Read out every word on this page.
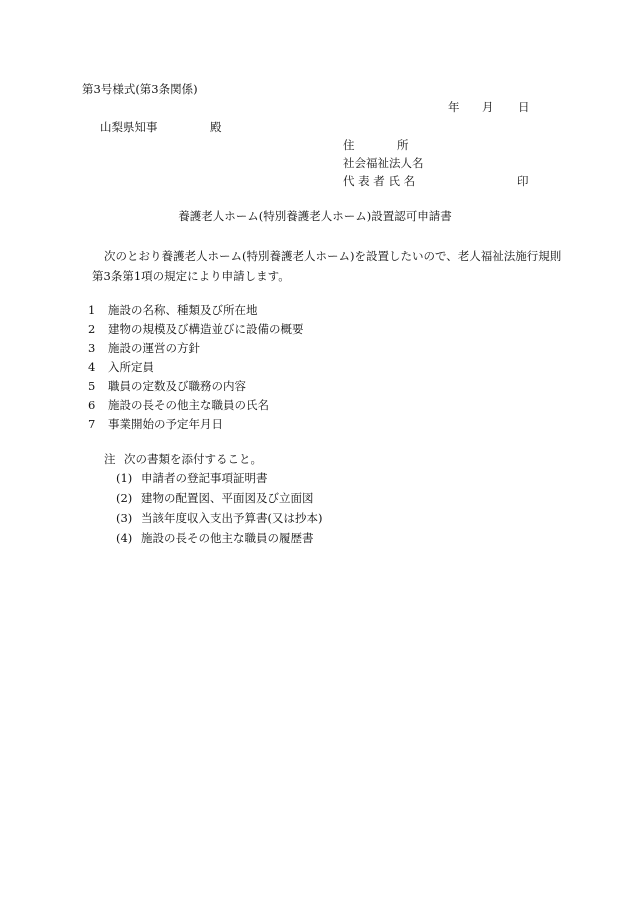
第3号様式(第3条関係)
年 月 日
山梨県知事	殿
住	所
社会福祉法人名
代 表 者 氏 名	印
養護老人ホーム(特別養護老人ホーム)設置認可申請書
次のとおり養護老人ホーム(特別養護老人ホーム)を設置したいので、老人福祉法施行規則第3条第1項の規定により申請します。
1 施設の名称、種類及び所在地
2 建物の規模及び構造並びに設備の概要
3 施設の運営の方針
4 入所定員
5 職員の定数及び職務の内容
6 施設の長その他主な職員の氏名
7 事業開始の予定年月日
注 次の書類を添付すること。
(1) 申請者の登記事項証明書
(2) 建物の配置図、平面図及び立面図
(3) 当該年度収入支出予算書(又は抄本)
(4) 施設の長その他主な職員の履歴書
